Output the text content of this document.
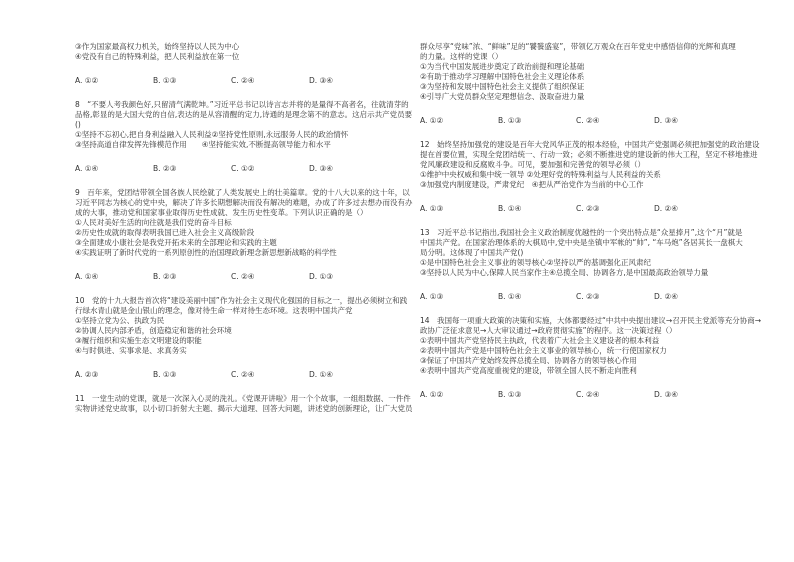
③作为国家最高权力机关，始终坚持以人民为中心
④党没有自己的特殊利益，把人民利益放在第一位
A. ①②	B. ①③	C. ②④	D. ③④
8　“不要人考我颜色好,只留清气满乾坤。”习近平总书记以诗言志并将的是量得不高者名，往就清芽的
品格,彰显的是大国大党的自信,表达的是从容清醒的定力,诗通的是理念第不的意志。这启示共产党员要
()
①坚持不忘初心,把自身利益融入人民利益②坚持党性原则,永远服务人民的政治情怀
③坚持高道自律发挥先锋模范作用　　④坚持能实效,不断提高领导能力和水平
A. ①④	B. ②③	C. ①②	D. ③④
9　百年来，党团结带领全国各族人民绘就了人类发展史上的壮美篇章。党的十八大以来的这十年，以
习近平同志为核心的党中央，解决了许多长期想解决而没有解决的难题，办成了许多过去想办而没有办
成的大事，推动党和国家事业取得历史性成就、发生历史性变革。下列认识正确的是（）
①人民对美好生活的向往就是我们党的奋斗目标
②历史性成就的取得表明我国已进入社会主义高级阶段
③全面建成小康社会是我党开拓未来的全部理论和实践的主题
④实践证明了新时代党的一系列原创性的治国理政新理念新思想新战略的科学性
A. ①④	B. ②③	C. ②④	D. ①③
10　党的十九大报告首次将“建设美丽中国”作为社会主义现代化强国的目标之一，提出必须树立和践
行绿水青山就是金山银山的理念，像对待生命一样对待生态环境。这表明中国共产党
①坚持立党为公、执政为民
②协调人民内部矛盾，创造稳定和谐的社会环境
③履行组织和实施生态文明建设的职能
④与时俱进、实事求是、求真务实
A. ②③	B. ①③	C. ②④	D. ①④
11　一堂生动的党课，就是一次深入心灵的洗礼。《党课开讲啦》用一个个故事，一组组数据、一件件
实物讲述党史故事，以小切口折射大主题、揭示大道理、回答大问题，讲述党的创新理论，让广大党员
群众尽享“党味”浓、“鲜味”足的“饕餮盛宴”，带领亿万观众在百年党史中感悟信仰的光辉和真理
的力量。这样的党课（）
①为当代中国发展进步奠定了政治前提和理论基础
②有助于推动学习理解中国特色社会主义理论体系
③为坚持和发展中国特色社会主义提供了组织保证
④引导广大党员群众坚定理想信念、汲取奋进力量
A. ①②	B. ①③	C. ②④	D. ③④
12　始终坚持加强党的建设是百年大党风华正茂的根本经验，中国共产党强调必须把加强党的政治建设
提在首要位置，实现全党团结统一、行动一致；必须不断推进党的建设新的伟大工程，坚定不移地推进
党风廉政建设和反腐败斗争。可见，要加强和完善党的领导必须（）
①维护中央权威和集中统一领导 ②处理好党的特殊利益与人民利益的关系
③加强党内制度建设，严肃党纪　④把从严治党作为当前的中心工作
A. ①③	B. ①④	C. ②③	D. ②④
13　习近平总书记指出,我国社会主义政治制度优越性的一个突出特点是“众星捧月”,这个“月”就是
中国共产党。在国家治理体系的大棋局中,党中央是坐镇中军帐的“帅”, “车马炮”各居其长一盘棋大
局分明。这体现了中国共产党()
①是中国特色社会主义事业的领导核心②坚持以严的基调强化正风肃纪
③坚持以人民为中心,保障人民当家作主④总揽全局、协调各方,是中国最高政治领导力量
A. ①③	B. ①④	C. ②③	D. ②④
14　我国每一项重大政策的决策和实施，大体都要经过“中共中央提出建议→召开民主党派等充分协商→
政协广泛征求意见→人大审议通过→政府贯彻实施”的程序。这一决策过程（）
①表明中国共产党坚持民主执政，代表着广大社会主义建设者的根本利益
②表明中国共产党是中国特色社会主义事业的领导核心，统一行使国家权力
③保证了中国共产党始终发挥总揽全局、协调各方的领导核心作用
④表明中国共产党高度重视党的建设，带领全国人民不断走向胜利
A. ①②	B. ①③	C. ②④	D. ③④
